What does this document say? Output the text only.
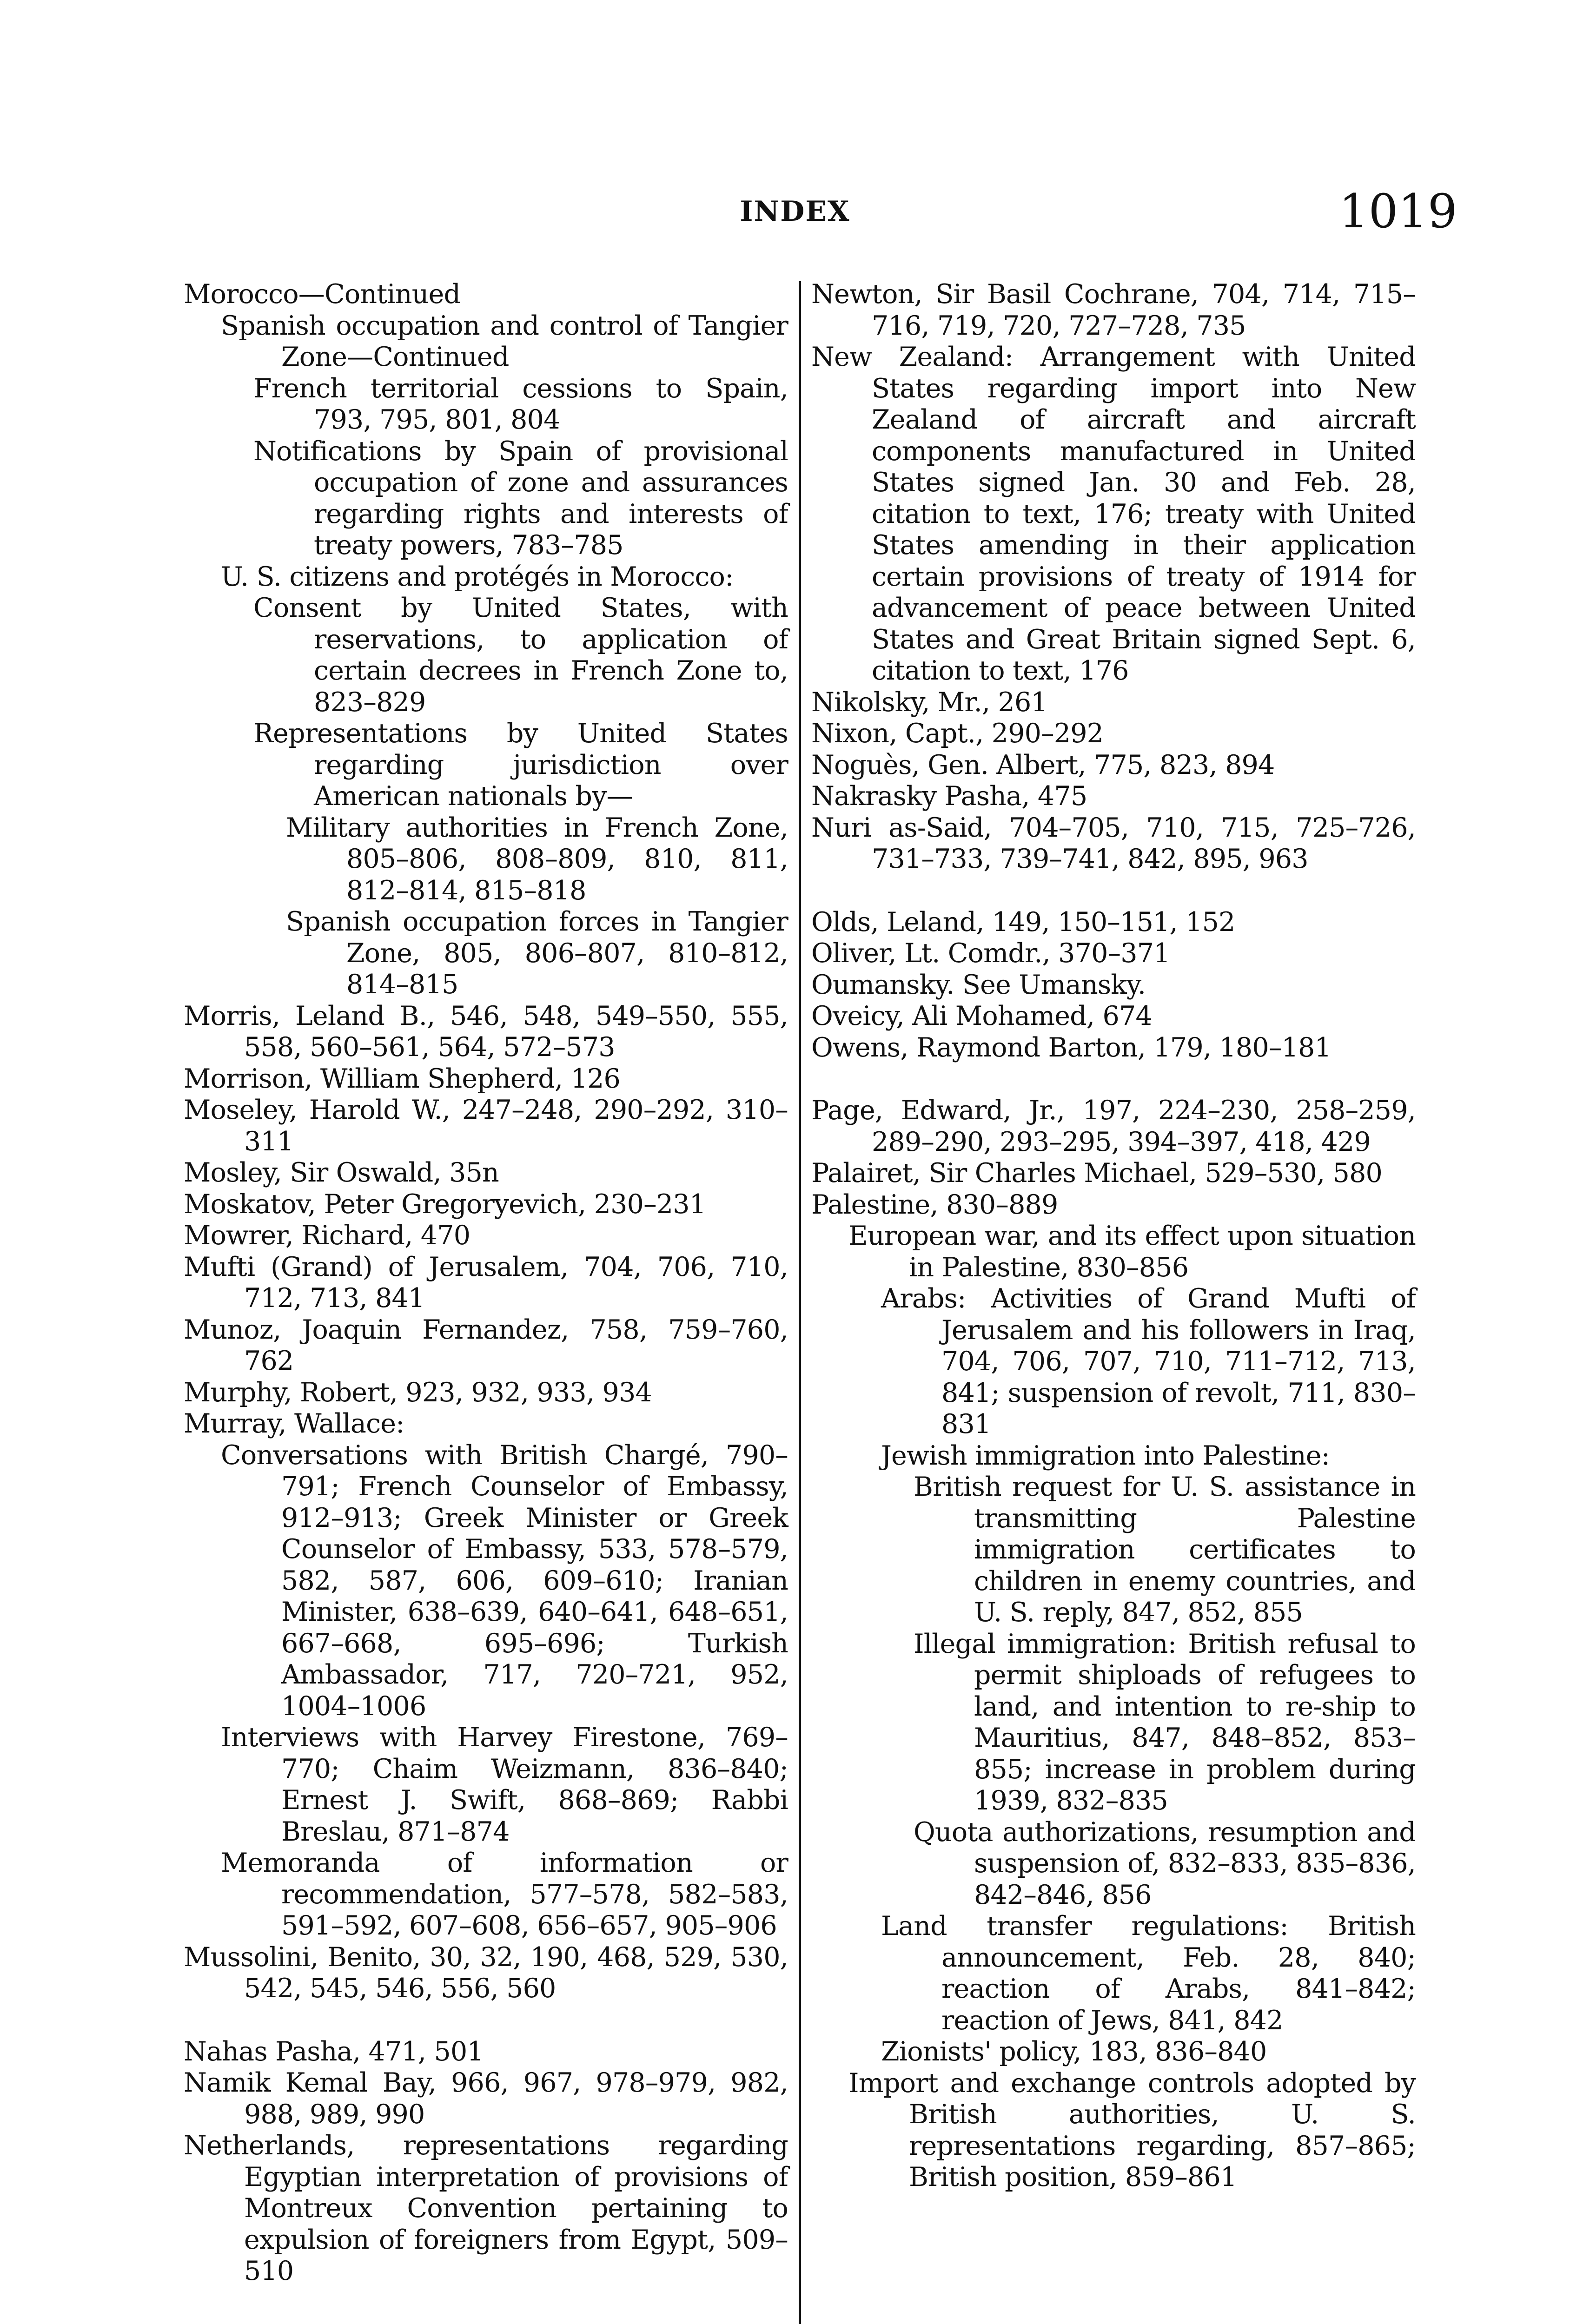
INDEX	1019

Morocco—Continued

Spanish occupation and control of Tangier Zone—Continued

French territorial cessions to Spain, 793, 795, 801, 804

Notifications by Spain of provisional occupation of zone and assurances regarding rights and interests of treaty powers, 783–785

U. S. citizens and protégés in Morocco:

Consent by United States, with reservations, to application of certain decrees in French Zone to, 823–829

Representations by United States regarding jurisdiction over American nationals by—

Military authorities in French Zone, 805–806, 808–809, 810, 811, 812–814, 815–818

Spanish occupation forces in Tangier Zone, 805, 806–807, 810–812, 814–815

Morris, Leland B., 546, 548, 549–550, 555, 558, 560–561, 564, 572–573

Morrison, William Shepherd, 126

Moseley, Harold W., 247–248, 290–292, 310–311

Mosley, Sir Oswald, 35n

Moskatov, Peter Gregoryevich, 230–231

Mowrer, Richard, 470

Mufti (Grand) of Jerusalem, 704, 706, 710, 712, 713, 841

Munoz, Joaquin Fernandez, 758, 759–760, 762

Murphy, Robert, 923, 932, 933, 934

Murray, Wallace:

Conversations with British Chargé, 790–791; French Counselor of Embassy, 912–913; Greek Minister or Greek Counselor of Embassy, 533, 578–579, 582, 587, 606, 609–610; Iranian Minister, 638–639, 640–641, 648–651, 667–668, 695–696; Turkish Ambassador, 717, 720–721, 952, 1004–1006

Interviews with Harvey Firestone, 769–770; Chaim Weizmann, 836–840; Ernest J. Swift, 868–869; Rabbi Breslau, 871–874

Memoranda of information or recommendation, 577–578, 582–583, 591–592, 607–608, 656–657, 905–906

Mussolini, Benito, 30, 32, 190, 468, 529, 530, 542, 545, 546, 556, 560

Nahas Pasha, 471, 501

Namik Kemal Bay, 966, 967, 978–979, 982, 988, 989, 990

Netherlands, representations regarding Egyptian interpretation of provisions of Montreux Convention pertaining to expulsion of foreigners from Egypt, 509–510

Newton, Sir Basil Cochrane, 704, 714, 715–716, 719, 720, 727–728, 735

New Zealand: Arrangement with United States regarding import into New Zealand of aircraft and aircraft components manufactured in United States signed Jan. 30 and Feb. 28, citation to text, 176; treaty with United States amending in their application certain provisions of treaty of 1914 for advancement of peace between United States and Great Britain signed Sept. 6, citation to text, 176

Nikolsky, Mr., 261

Nixon, Capt., 290–292

Noguès, Gen. Albert, 775, 823, 894

Nakrasky Pasha, 475

Nuri as-Said, 704–705, 710, 715, 725–726, 731–733, 739–741, 842, 895, 963

Olds, Leland, 149, 150–151, 152

Oliver, Lt. Comdr., 370–371

Oumansky. See Umansky.

Oveicy, Ali Mohamed, 674

Owens, Raymond Barton, 179, 180–181

Page, Edward, Jr., 197, 224–230, 258–259, 289–290, 293–295, 394–397, 418, 429

Palairet, Sir Charles Michael, 529–530, 580

Palestine, 830–889

European war, and its effect upon situation in Palestine, 830–856

Arabs: Activities of Grand Mufti of Jerusalem and his followers in Iraq, 704, 706, 707, 710, 711–712, 713, 841; suspension of revolt, 711, 830–831

Jewish immigration into Palestine:

British request for U. S. assistance in transmitting Palestine immigration certificates to children in enemy countries, and U. S. reply, 847, 852, 855

Illegal immigration: British refusal to permit shiploads of refugees to land, and intention to re-ship to Mauritius, 847, 848–852, 853–855; increase in problem during 1939, 832–835

Quota authorizations, resumption and suspension of, 832–833, 835–836, 842–846, 856

Land transfer regulations: British announcement, Feb. 28, 840; reaction of Arabs, 841–842; reaction of Jews, 841, 842

Zionists' policy, 183, 836–840

Import and exchange controls adopted by British authorities, U. S. representations regarding, 857–865; British position, 859–861
